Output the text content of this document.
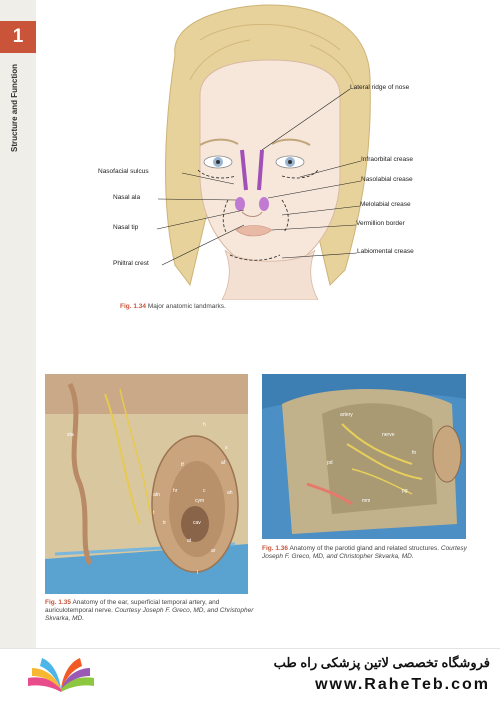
1
Structure and Function
Nasofacial sulcus
Nasal ala
Nasal tip
Philtral crest
Lateral ridge of nose
Infraorbital crease
Nasolabial crease
Melolabial crease
Vermillion border
Labiomental crease
Fig. 1.34 Major anatomic landmarks.
sta
atn
h
s
tf	af
c
hr
cym
ah
tr
at
cav
ar
l
t
Fig. 1.35 Anatomy of the ear, superficial temporal artery, and auriculotemporal nerve. Courtesy Joseph F. Greco, MD, and Christopher Skvarka, MD.
artery
nerve
pd
pg
mm
fn
Fig. 1.36 Anatomy of the parotid gland and related structures. Courtesy Joseph F. Greco, MD, and Christopher Skvarka, MD.
فروشگاه تخصصی لاتین پزشکی راه طب
www.RaheTeb.com
